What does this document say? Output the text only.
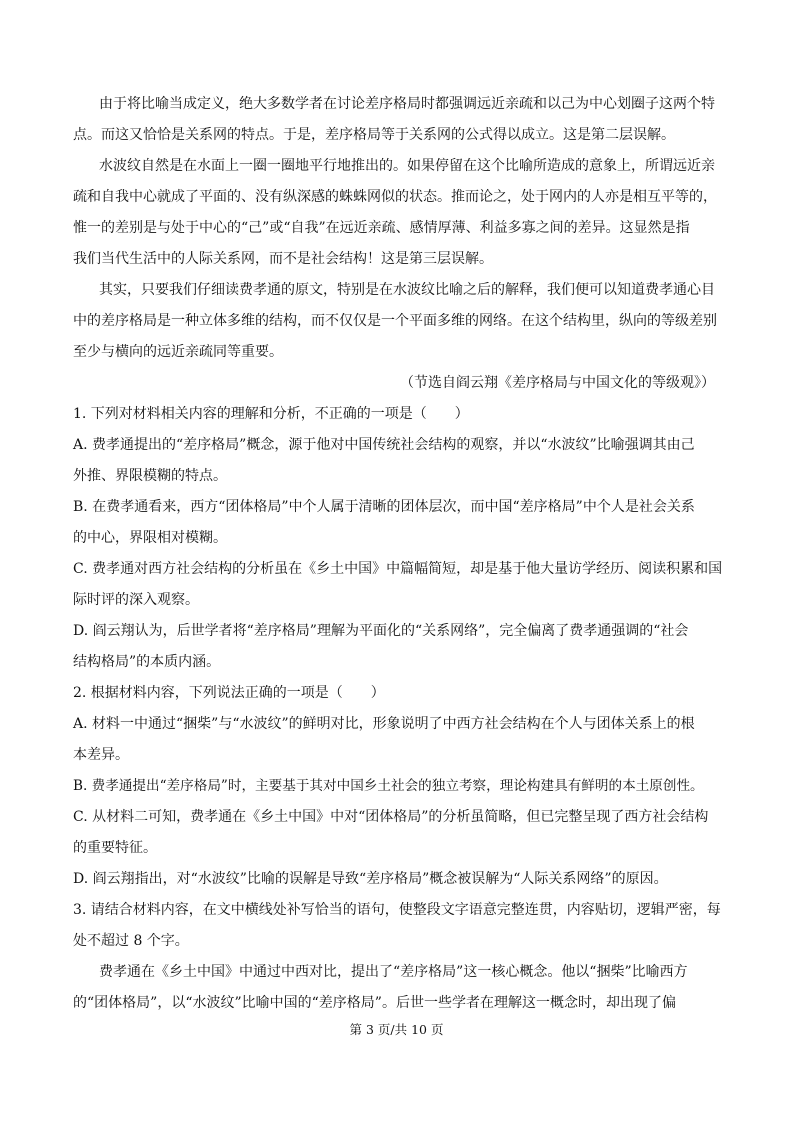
由于将比喻当成定义，绝大多数学者在讨论差序格局时都强调远近亲疏和以己为中心划圈子这两个特
点。而这又恰恰是关系网的特点。于是，差序格局等于关系网的公式得以成立。这是第二层误解。
水波纹自然是在水面上一圈一圈地平行地推出的。如果停留在这个比喻所造成的意象上，所谓远近亲
疏和自我中心就成了平面的、没有纵深感的蛛蛛网似的状态。推而论之，处于网内的人亦是相互平等的，
惟一的差别是与处于中心的“己”或“自我”在远近亲疏、感情厚薄、利益多寡之间的差异。这显然是指
我们当代生活中的人际关系网，而不是社会结构！这是第三层误解。
其实，只要我们仔细读费孝通的原文，特别是在水波纹比喻之后的解释，我们便可以知道费孝通心目
中的差序格局是一种立体多维的结构，而不仅仅是一个平面多维的网络。在这个结构里，纵向的等级差别
至少与横向的远近亲疏同等重要。
（节选自阎云翔《差序格局与中国文化的等级观》）
1. 下列对材料相关内容的理解和分析，不正确的一项是（　　）
A. 费孝通提出的“差序格局”概念，源于他对中国传统社会结构的观察，并以“水波纹”比喻强调其由己
外推、界限模糊的特点。
B. 在费孝通看来，西方“团体格局”中个人属于清晰的团体层次，而中国“差序格局”中个人是社会关系
的中心，界限相对模糊。
C. 费孝通对西方社会结构的分析虽在《乡土中国》中篇幅简短，却是基于他大量访学经历、阅读积累和国
际时评的深入观察。
D. 阎云翔认为，后世学者将“差序格局”理解为平面化的“关系网络”，完全偏离了费孝通强调的“社会
结构格局”的本质内涵。
2. 根据材料内容，下列说法正确的一项是（　　）
A. 材料一中通过“捆柴”与“水波纹”的鲜明对比，形象说明了中西方社会结构在个人与团体关系上的根
本差异。
B. 费孝通提出“差序格局”时，主要基于其对中国乡土社会的独立考察，理论构建具有鲜明的本土原创性。
C. 从材料二可知，费孝通在《乡土中国》中对“团体格局”的分析虽简略，但已完整呈现了西方社会结构
的重要特征。
D. 阎云翔指出，对“水波纹”比喻的误解是导致“差序格局”概念被误解为“人际关系网络”的原因。
3. 请结合材料内容，在文中横线处补写恰当的语句，使整段文字语意完整连贯，内容贴切，逻辑严密，每
处不超过 8 个字。
费孝通在《乡土中国》中通过中西对比，提出了“差序格局”这一核心概念。他以“捆柴”比喻西方
的“团体格局”，以“水波纹”比喻中国的“差序格局”。后世一些学者在理解这一概念时，却出现了偏
第 3 页/共 10 页
